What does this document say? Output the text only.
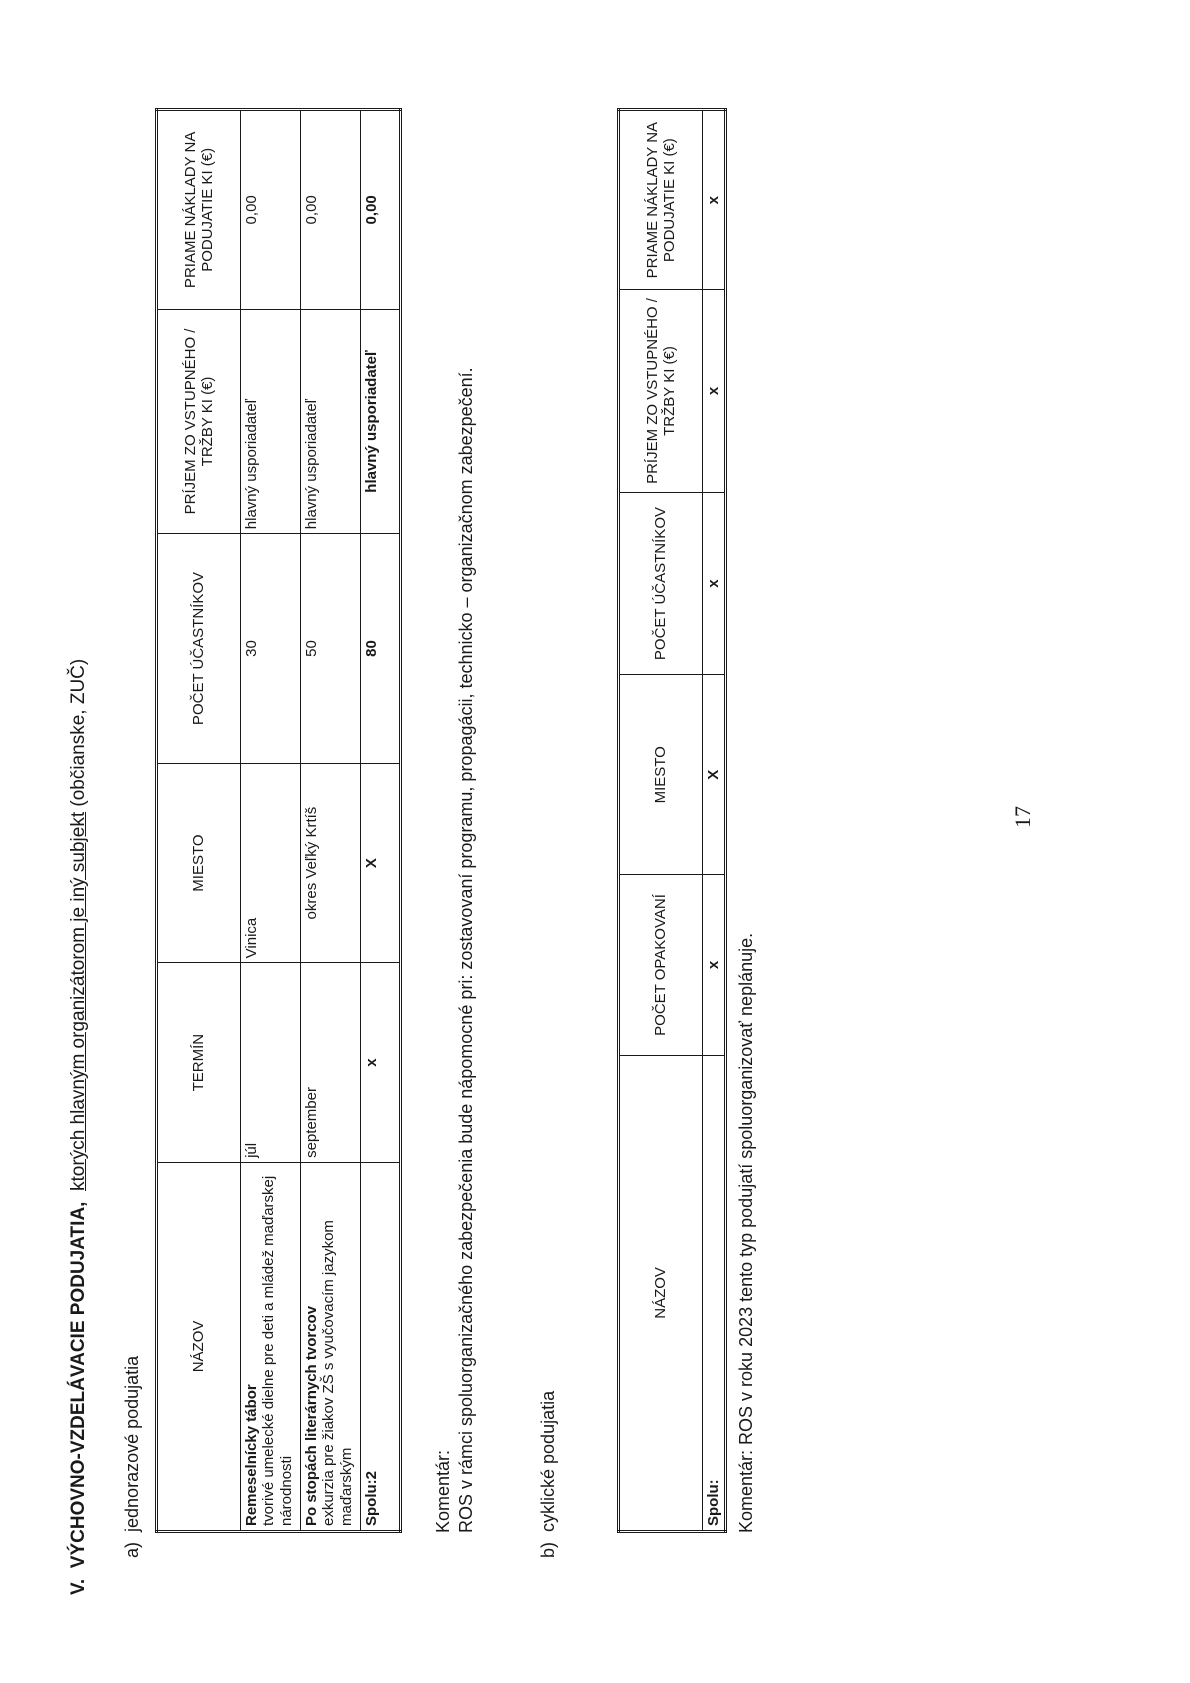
V.  VÝCHOVNO-VZDELÁVACIE PODUJATIA,  ktorých hlavným organizátorom je iný subjekt (občianske, ZUČ)
a)  jednorazové podujatia
NÁZOV	TERMÍN	MIESTO	POČET ÚČASTNÍKOV	PRÍJEM ZO VSTUPNÉHO / TRŽBY KI (€)	PRIAME NÁKLADY NA PODUJATIE KI (€)

Remeselnícky tábor tvorivé umelecké dielne pre deti a mládež maďarskej národnosti	júl	Vinica	30	hlavný usporiadateľ	0,00

Po stopách literárnych tvorcov exkurzia pre žiakov ZŠ s vyučovacím jazykom maďarským	september	okres Veľký Krtíš	50	hlavný usporiadateľ	0,00
Spolu:2	x	X	80	hlavný usporiadateľ	0,00
Komentár: ROS v rámci spoluorganizačného zabezpečenia bude nápomocné pri: zostavovaní programu, propagácii, technicko – organizačnom zabezpečení.
b)  cyklické podujatia
NÁZOV	POČET OPAKOVANÍ	MIESTO	POČET ÚČASTNÍKOV	PRÍJEM ZO VSTUPNÉHO / TRŽBY KI (€)	PRIAME NÁKLADY NA PODUJATIE KI (€)
Spolu:	x	X	x	x	x
Komentár: ROS v roku 2023 tento typ podujatí spoluorganizovať neplánuje.
17
